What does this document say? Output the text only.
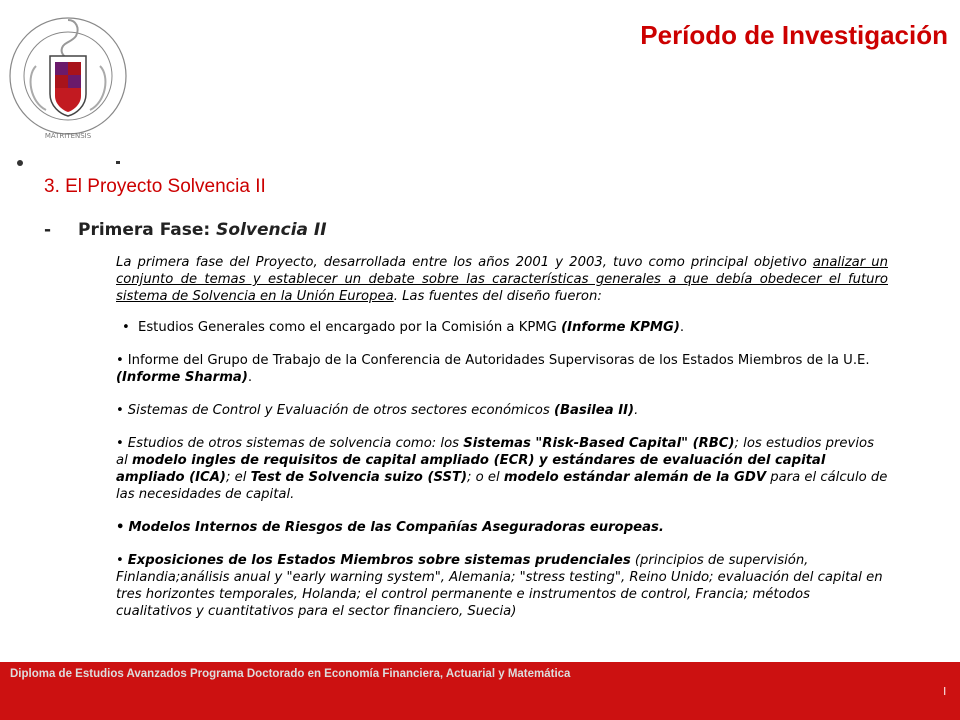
MATRITENSIS
Período de Investigación
3. El Proyecto Solvencia II
- Primera Fase: Solvencia II

La primera fase del Proyecto, desarrollada entre los años 2001 y 2003, tuvo como principal objetivo analizar un conjunto de temas y establecer un debate sobre las características generales a que debía obedecer el futuro sistema de Solvencia en la Unión Europea. Las fuentes del diseño fueron:

• Estudios Generales como el encargado por la Comisión a KPMG (Informe KPMG).
• Informe del Grupo de Trabajo de la Conferencia de Autoridades Supervisoras de los Estados Miembros de la U.E. (Informe Sharma).
• Sistemas de Control y Evaluación de otros sectores económicos (Basilea II).
• Estudios de otros sistemas de solvencia como: los Sistemas "Risk-Based Capital" (RBC); los estudios previos al modelo ingles de requisitos de capital ampliado (ECR) y estándares de evaluación del capital ampliado (ICA); el Test de Solvencia suizo (SST); o el modelo estándar alemán de la GDV para el cálculo de las necesidades de capital.
• Modelos Internos de Riesgos de las Compañías Aseguradoras europeas.
• Exposiciones de los Estados Miembros sobre sistemas prudenciales (principios de supervisión, Finlandia;análisis anual y "early warning system", Alemania; "stress testing", Reino Unido; evaluación del capital en tres horizontes temporales, Holanda; el control permanente e instrumentos de control, Francia; métodos cualitativos y cuantitativos para el sector financiero, Suecia)
Diploma de Estudios Avanzados Programa Doctorado en Economía Financiera, Actuarial y Matemática
l
